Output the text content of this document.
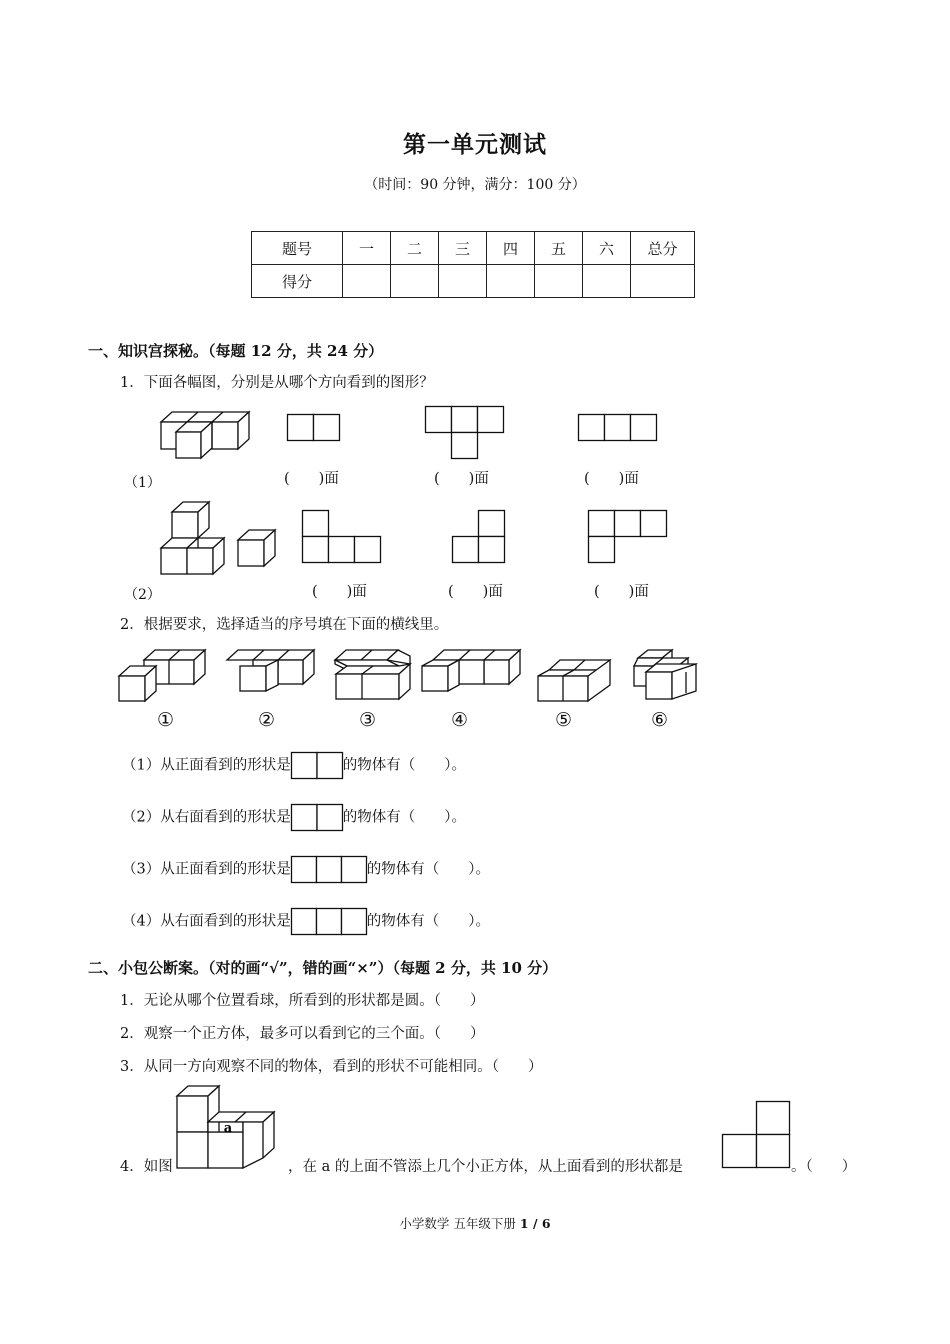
第一单元测试
（时间：90 分钟，满分：100 分）
题号	一	二	三	四	五	六	总分
得分							
一、知识宫探秘。（每题 12 分，共 24 分）
1．下面各幅图，分别是从哪个方向看到的图形？
（1）	(　　)面	(　　)面	(　　)面
（2）	(　　)面	(　　)面	(　　)面
2．根据要求，选择适当的序号填在下面的横线里。
①	②	③	④	⑤	⑥
（1）从正面看到的形状是	的物体有（　　）。
（2）从右面看到的形状是	的物体有（　　）。
（3）从正面看到的形状是	的物体有（　　）。
（4）从右面看到的形状是	的物体有（　　）。
二、小包公断案。（对的画“√”，错的画“×”）（每题 2 分，共 10 分）
1．无论从哪个位置看球，所看到的形状都是圆。（　　）
2．观察一个正方体，最多可以看到它的三个面。（　　）
3．从同一方向观察不同的物体，看到的形状不可能相同。（　　）
4．如图
a
，在 a 的上面不管添上几个小正方体，从上面看到的形状都是	。（　　）
小学数学 五年级下册 1 / 6
